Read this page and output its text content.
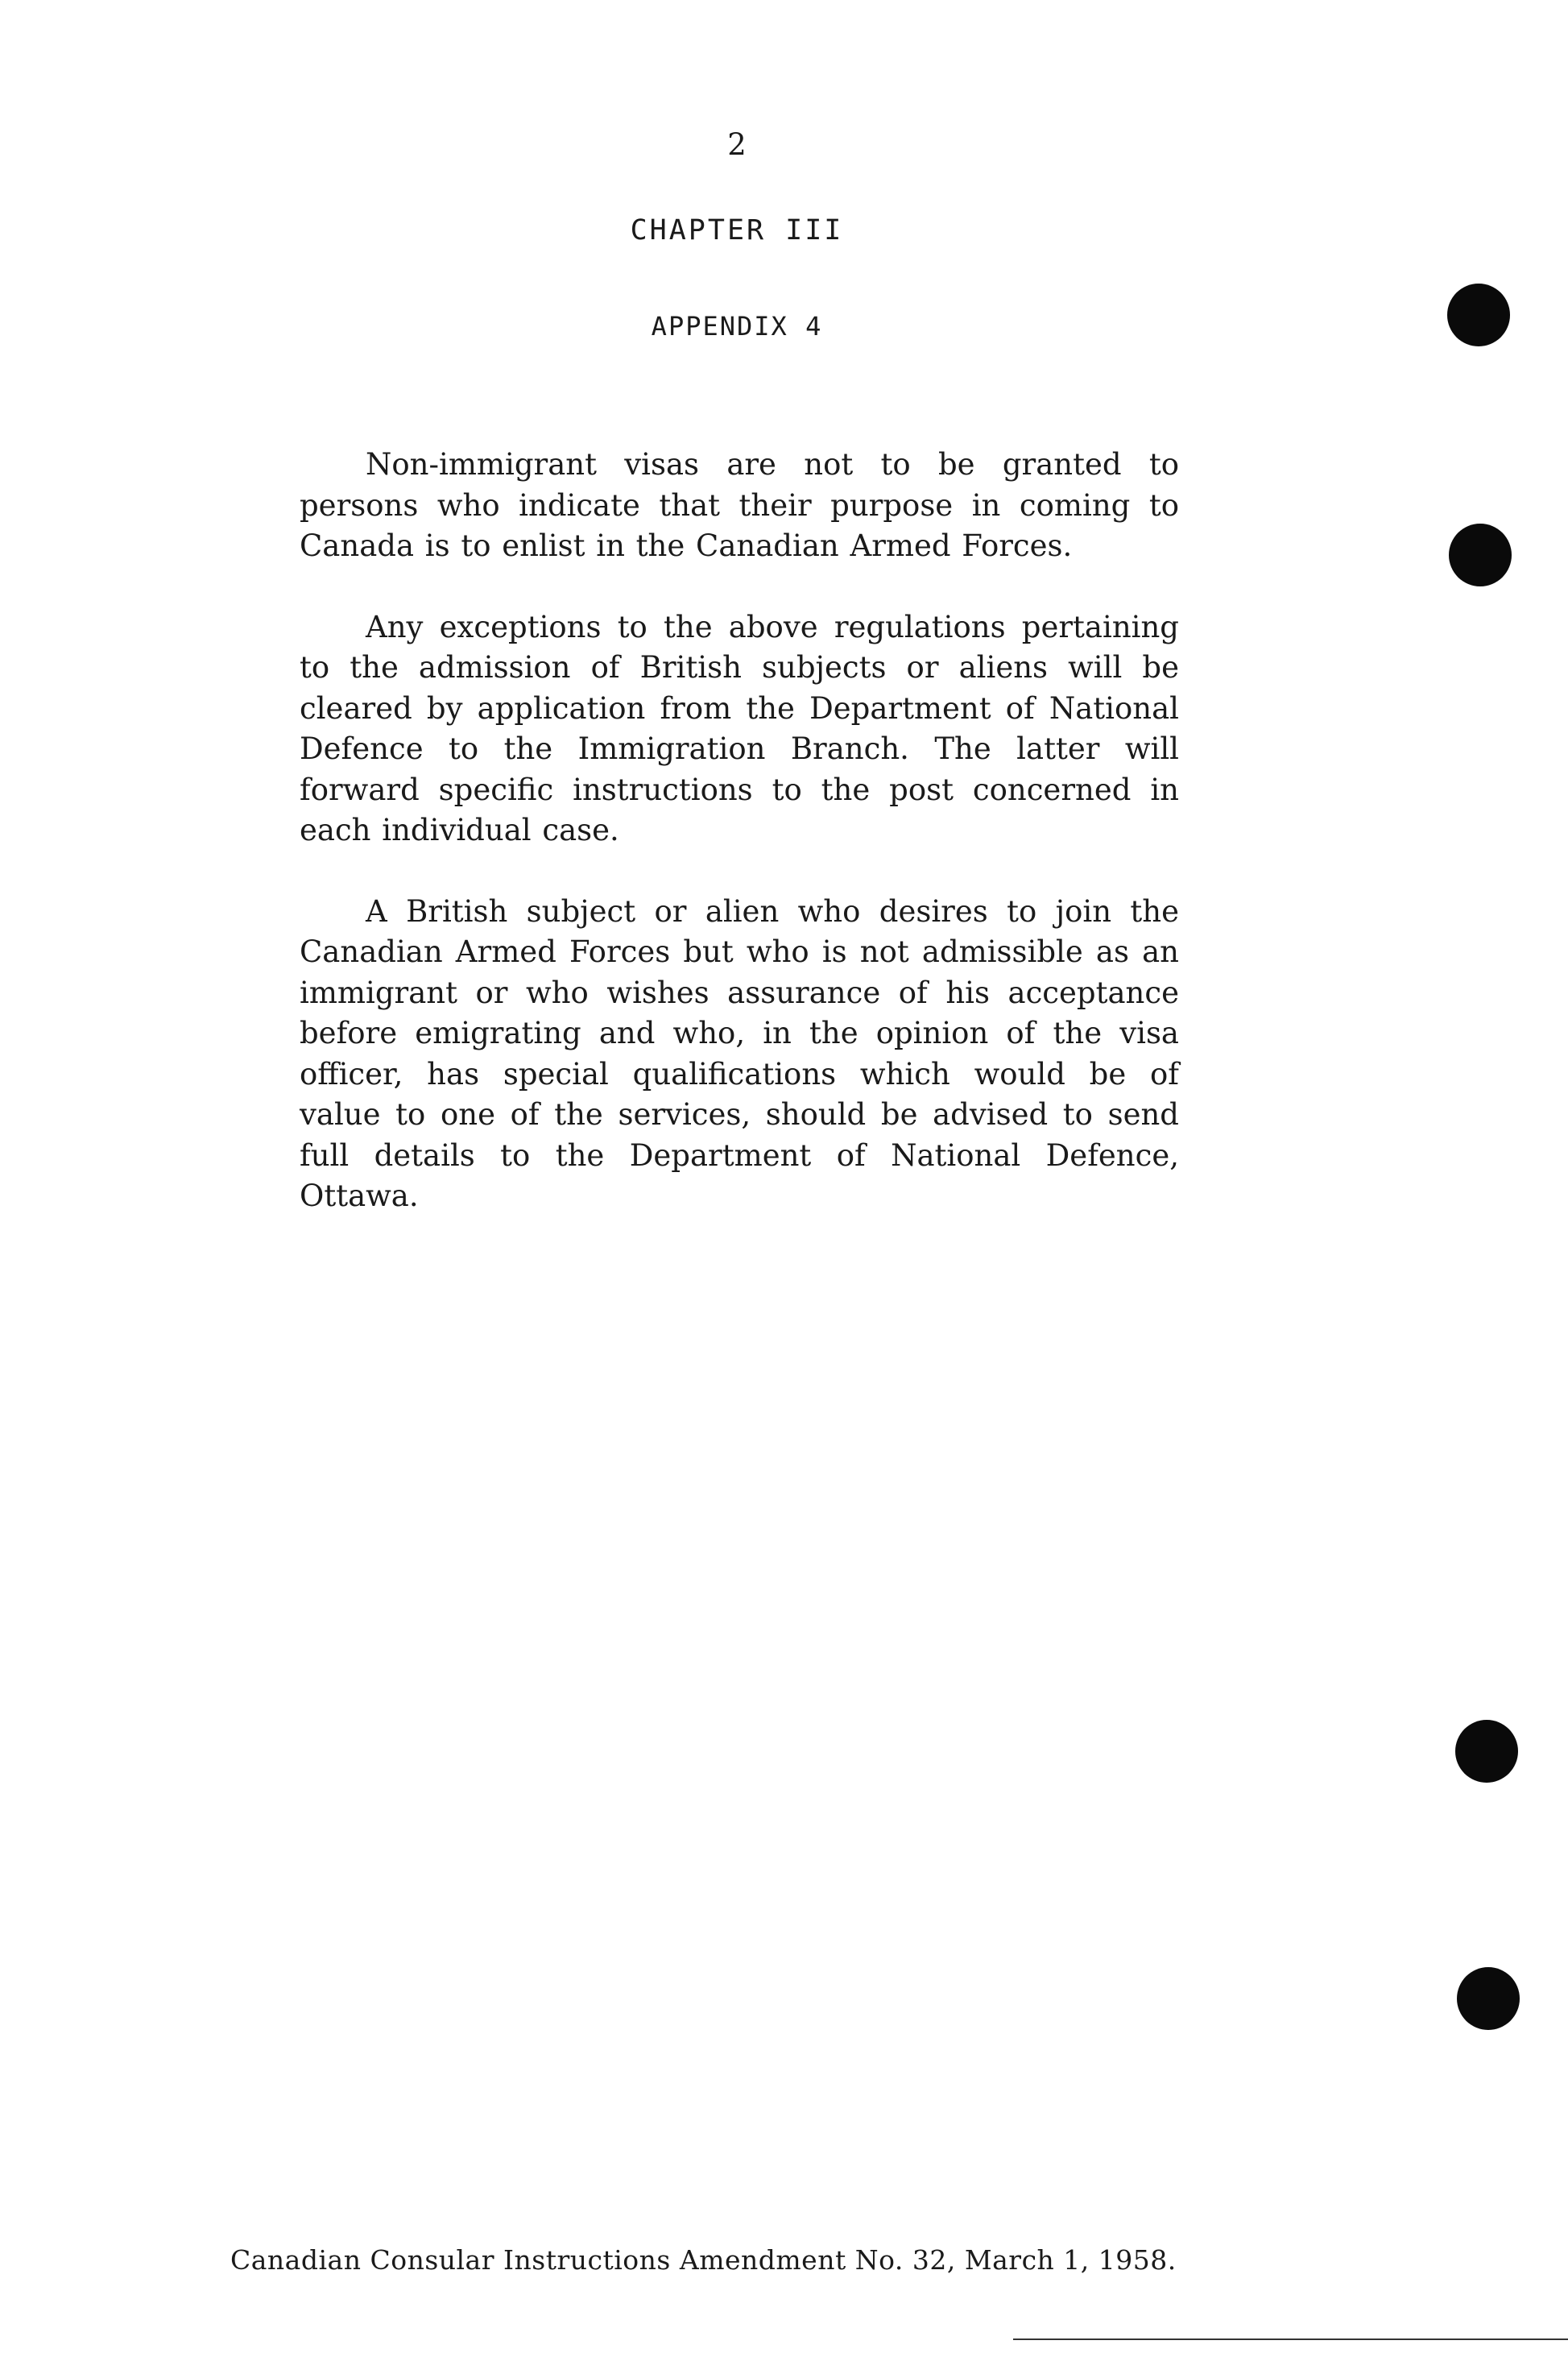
2
CHAPTER III
APPENDIX 4

Non-immigrant visas are not to be granted to persons who indicate that their purpose in coming to Canada is to enlist in the Canadian Armed Forces.

Any exceptions to the above regulations pertaining to the admission of British subjects or aliens will be cleared by application from the Department of National Defence to the Immigration Branch. The latter will forward specific instructions to the post concerned in each individual case.

A British subject or alien who desires to join the Canadian Armed Forces but who is not admissible as an immigrant or who wishes assurance of his acceptance before emigrating and who, in the opinion of the visa officer, has special qualifications which would be of value to one of the services, should be advised to send full details to the Department of National Defence, Ottawa.

Canadian Consular Instructions Amendment No. 32, March 1, 1958.
